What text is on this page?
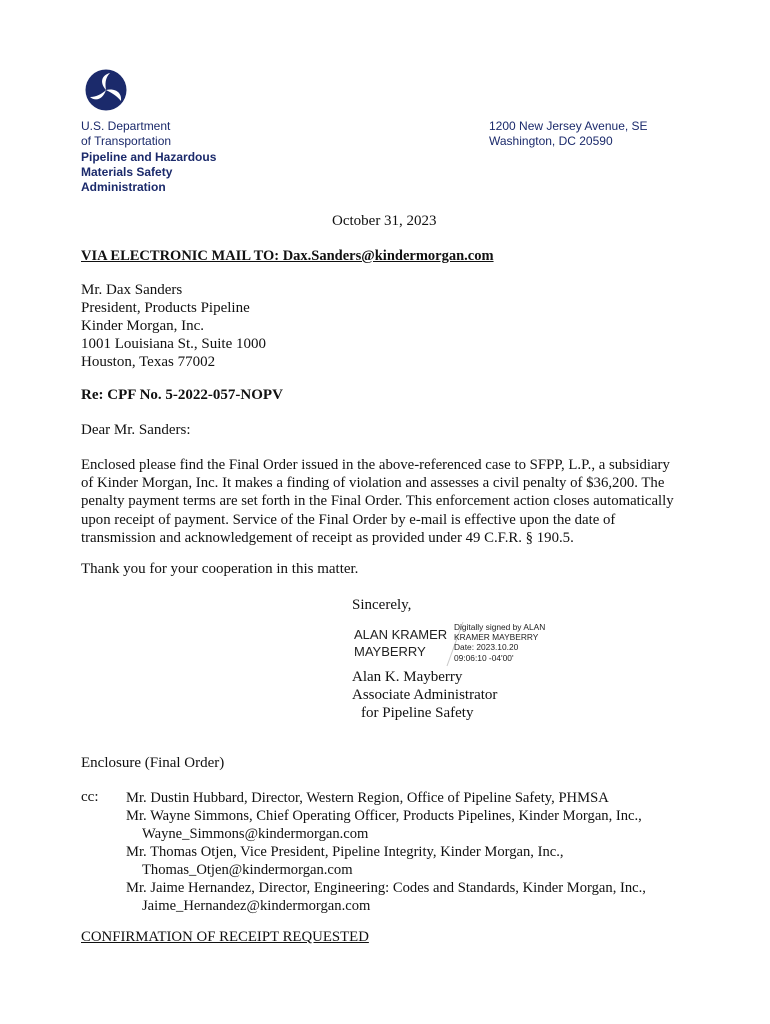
U.S. Department
of Transportation
Pipeline and Hazardous
Materials Safety
Administration
1200 New Jersey Avenue, SE
Washington, DC 20590
October 31, 2023
VIA ELECTRONIC MAIL TO: Dax.Sanders@kindermorgan.com
Mr. Dax Sanders
President, Products Pipeline
Kinder Morgan, Inc.
1001 Louisiana St., Suite 1000
Houston, Texas 77002
Re: CPF No. 5-2022-057-NOPV
Dear Mr. Sanders:
Enclosed please find the Final Order issued in the above-referenced case to SFPP, L.P., a subsidiary
of Kinder Morgan, Inc. It makes a finding of violation and assesses a civil penalty of $36,200. The
penalty payment terms are set forth in the Final Order. This enforcement action closes automatically
upon receipt of payment. Service of the Final Order by e-mail is effective upon the date of
transmission and acknowledgement of receipt as provided under 49 C.F.R. § 190.5.
Thank you for your cooperation in this matter.
Sincerely,
ALAN KRAMER
MAYBERRY
Digitally signed by ALAN
KRAMER MAYBERRY
Date: 2023.10.20
09:06:10 -04'00'
Alan K. Mayberry
Associate Administrator
for Pipeline Safety
Enclosure (Final Order)
cc: Mr. Dustin Hubbard, Director, Western Region, Office of Pipeline Safety, PHMSA
Mr. Wayne Simmons, Chief Operating Officer, Products Pipelines, Kinder Morgan, Inc.,
Wayne_Simmons@kindermorgan.com
Mr. Thomas Otjen, Vice President, Pipeline Integrity, Kinder Morgan, Inc.,
Thomas_Otjen@kindermorgan.com
Mr. Jaime Hernandez, Director, Engineering: Codes and Standards, Kinder Morgan, Inc.,
Jaime_Hernandez@kindermorgan.com
CONFIRMATION OF RECEIPT REQUESTED
